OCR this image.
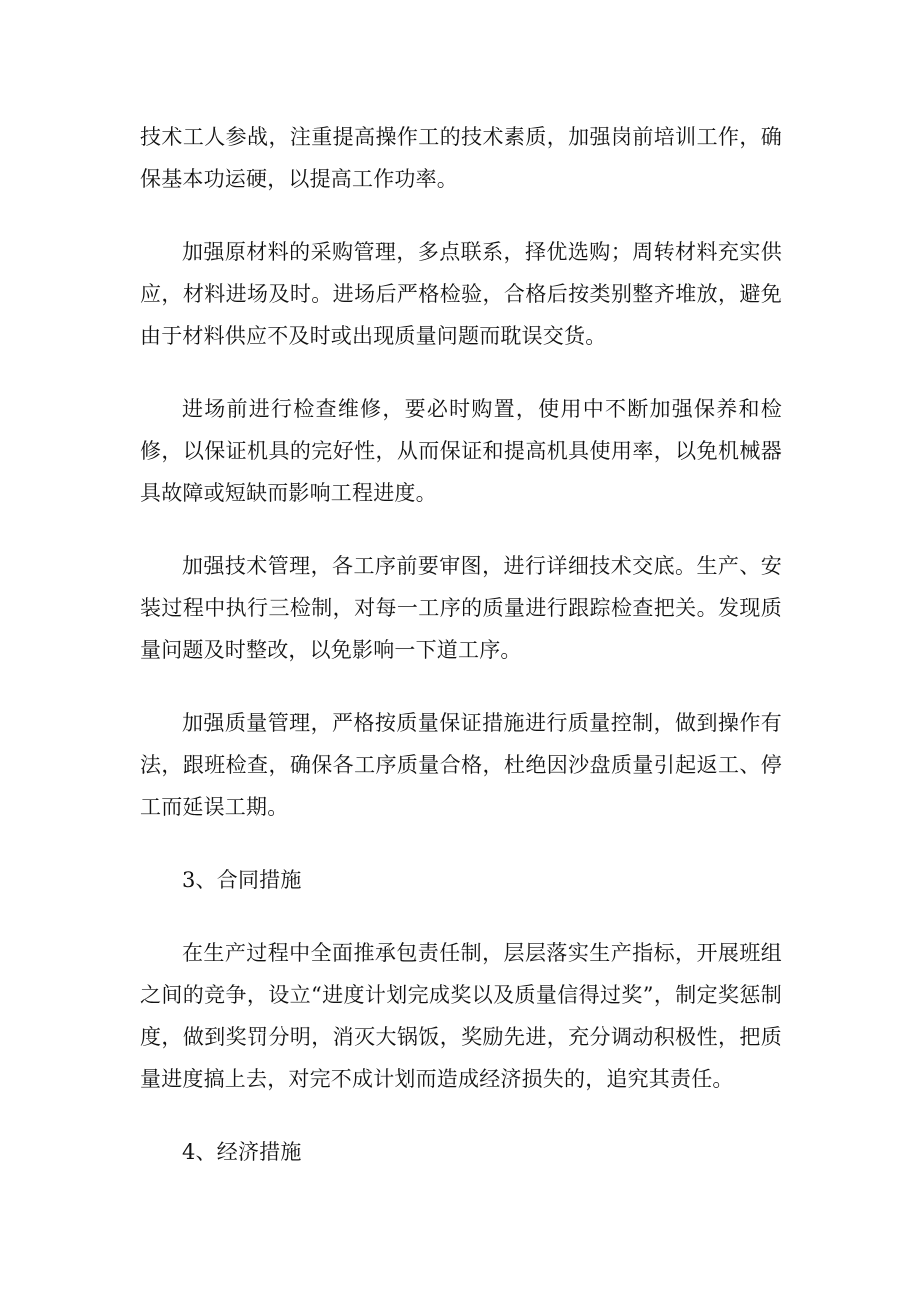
技术工人参战，注重提高操作工的技术素质，加强岗前培训工作，确保基本功运硬，以提高工作功率。

加强原材料的采购管理，多点联系，择优选购；周转材料充实供应，材料进场及时。进场后严格检验，合格后按类别整齐堆放，避免由于材料供应不及时或出现质量问题而耽误交货。

进场前进行检查维修，要必时购置，使用中不断加强保养和检修，以保证机具的完好性，从而保证和提高机具使用率，以免机械器具故障或短缺而影响工程进度。

加强技术管理，各工序前要审图，进行详细技术交底。生产、安装过程中执行三检制，对每一工序的质量进行跟踪检查把关。发现质量问题及时整改，以免影响一下道工序。

加强质量管理，严格按质量保证措施进行质量控制，做到操作有法，跟班检查，确保各工序质量合格，杜绝因沙盘质量引起返工、停工而延误工期。

3、合同措施

在生产过程中全面推承包责任制，层层落实生产指标，开展班组之间的竞争，设立“进度计划完成奖以及质量信得过奖”，制定奖惩制度，做到奖罚分明，消灭大锅饭，奖励先进，充分调动积极性，把质量进度搞上去，对完不成计划而造成经济损失的，追究其责任。

4、经济措施
